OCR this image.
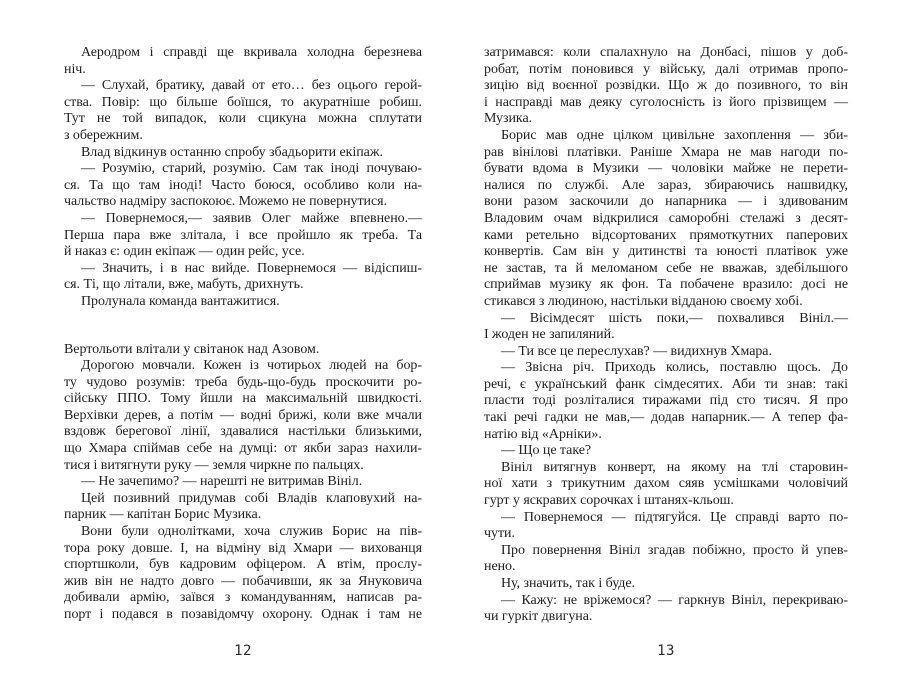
Аеродром і справді ще вкривала холодна березнева
ніч.
— Слухай, братику, давай от ето… без оцього герой-
ства. Повір: що більше боїшся, то акуратніше робиш.
Тут не той випадок, коли сцикуна можна сплутати
з обережним.
Влад відкинув останню спробу збадьорити екіпаж.
— Розумію, старий, розумію. Сам так іноді почуваю-
ся. Та що там іноді! Часто боюся, особливо коли на-
чальство надміру заспокоює. Можемо не повернутися.
— Повернемося,— заявив Олег майже впевнено.—
Перша пара вже злітала, і все пройшло як треба. Та
й наказ є: один екіпаж — один рейс, усе.
— Значить, і в нас вийде. Повернемося — відіспиш-
ся. Ті, що літали, вже, мабуть, дрихнуть.
Пролунала команда вантажитися.
Вертольоти влітали у світанок над Азовом.
Дорогою мовчали. Кожен із чотирьох людей на бор-
ту чудово розумів: треба будь-що-будь проскочити ро-
сійську ППО. Тому йшли на максимальній швидкості.
Верхівки дерев, а потім — водні брижі, коли вже мчали
вздовж берегової лінії, здавалися настільки близькими,
що Хмара спіймав себе на думці: от якби зараз нахили-
тися і витягнути руку — земля чиркне по пальцях.
— Не зачепимо? — нарешті не витримав Вініл.
Цей позивний придумав собі Владів клаповухий на-
парник — капітан Борис Музика.
Вони були однолітками, хоча служив Борис на пів-
тора року довше. І, на відміну від Хмари — вихованця
спортшколи, був кадровим офіцером. А втім, прослу-
жив він не надто довго — побачивши, як за Януковича
добивали армію, заївся з командуванням, написав ра-
порт і подався в позавідомчу охорону. Однак і там не
12
затримався: коли спалахнуло на Донбасі, пішов у доб-
робат, потім поновився у війську, далі отримав пропо-
зицію від воєнної розвідки. Що ж до позивного, то він
і насправді мав деяку суголосність із його прізвищем —
Музика.
Борис мав одне цілком цивільне захоплення — зби-
рав вінілові платівки. Раніше Хмара не мав нагоди по-
бувати вдома в Музики — чоловіки майже не перети-
налися по службі. Але зараз, збираючись нашвидку,
вони разом заскочили до напарника — і здивованим
Владовим очам відкрилися саморобні стелажі з десят-
ками ретельно відсортованих прямоткутних паперових
конвертів. Сам він у дитинстві та юності платівок уже
не застав, та й меломаном себе не вважав, здебільшого
сприймав музику як фон. Та побачене вразило: досі не
стикався з людиною, настільки відданою своєму хобі.
— Вісімдесят шість поки,— похвалився Вініл.—
І жоден не запиляний.
— Ти все це переслухав? — видихнув Хмара.
— Звісна річ. Приходь колись, поставлю щось. До
речі, є український фанк сімдесятих. Аби ти знав: такі
пласти тоді розліталися тиражами під сто тисяч. Я про
такі речі гадки не мав,— додав напарник.— А тепер фа-
натію від «Арніки».
— Що це таке?
Вініл витягнув конверт, на якому на тлі старовин-
ної хати з трикутним дахом сяяв усмішками чоловічий
гурт у яскравих сорочках і штанях-кльош.
— Повернемося — підтягуйся. Це справді варто по-
чути.
Про повернення Вініл згадав побіжно, просто й упев-
нено.
Ну, значить, так і буде.
— Кажу: не вріжемося? — гаркнув Вініл, перекриваю-
чи гуркіт двигуна.
13
